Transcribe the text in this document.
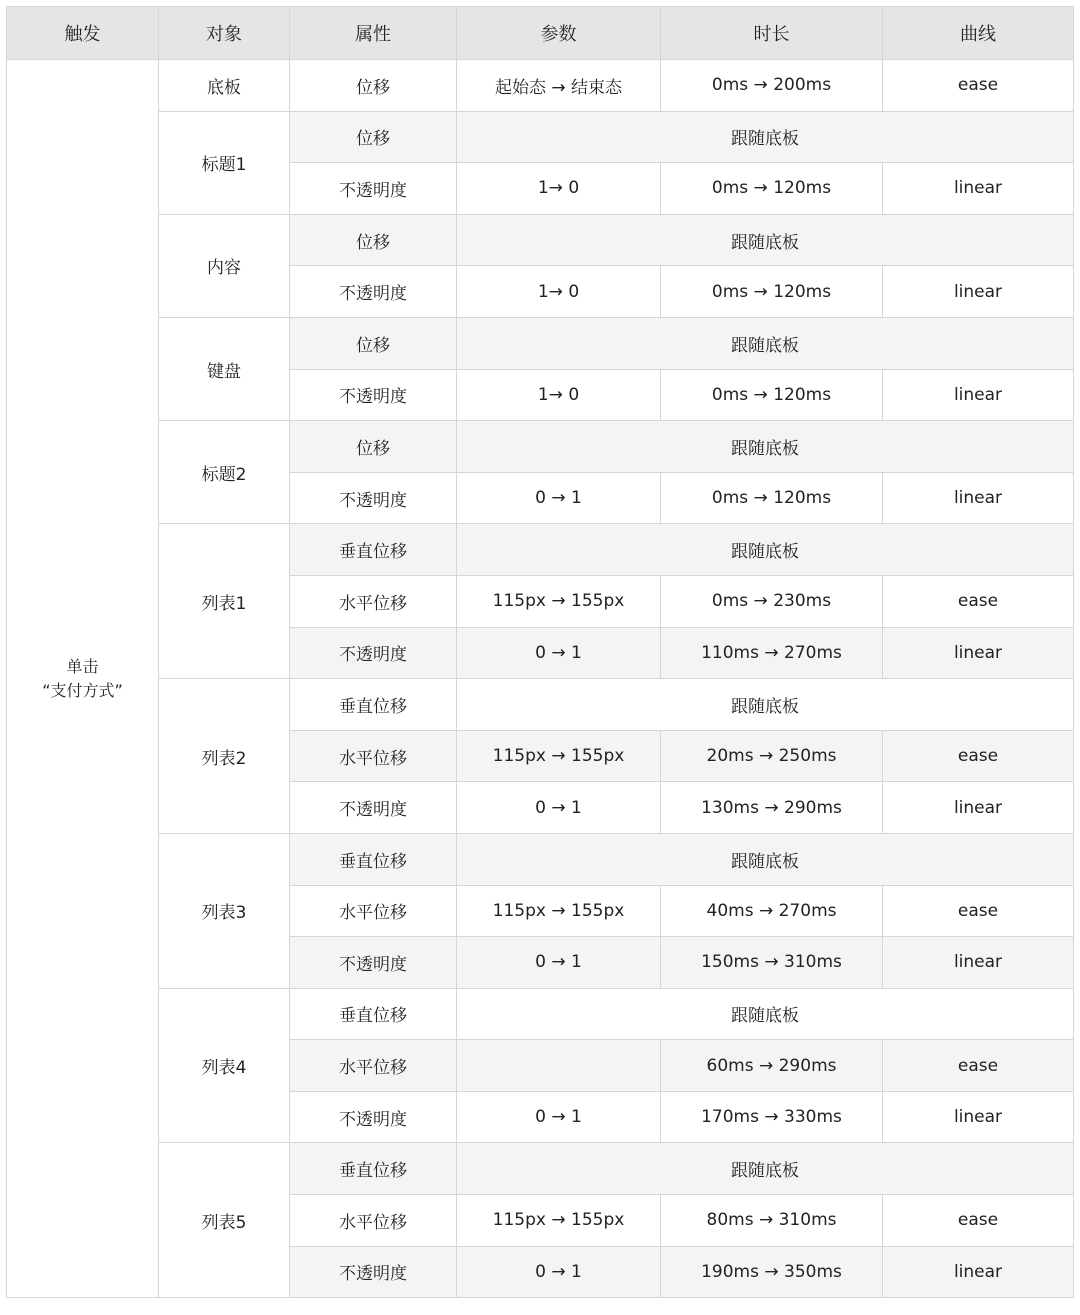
触发	对象	属性	参数	时长	曲线

单击
“支付方式”	底板	位移	起始态 → 结束态	0ms → 200ms	ease
	标题1	位移	跟随底板		
		不透明度	1→ 0	0ms → 120ms	linear
	内容	位移	跟随底板		
		不透明度	1→ 0	0ms → 120ms	linear
	键盘	位移	跟随底板		
		不透明度	1→ 0	0ms → 120ms	linear
	标题2	位移	跟随底板		
		不透明度	0 → 1	0ms → 120ms	linear
	列表1	垂直位移	跟随底板		
		水平位移	115px → 155px	0ms → 230ms	ease
		不透明度	0 → 1	110ms → 270ms	linear
	列表2	垂直位移	跟随底板		
		水平位移	115px → 155px	20ms → 250ms	ease
		不透明度	0 → 1	130ms → 290ms	linear
	列表3	垂直位移	跟随底板		
		水平位移	115px → 155px	40ms → 270ms	ease
		不透明度	0 → 1	150ms → 310ms	linear
	列表4	垂直位移	跟随底板		
		水平位移		60ms → 290ms	ease
		不透明度	0 → 1	170ms → 330ms	linear
	列表5	垂直位移	跟随底板		
		水平位移	115px → 155px	80ms → 310ms	ease
		不透明度	0 → 1	190ms → 350ms	linear
